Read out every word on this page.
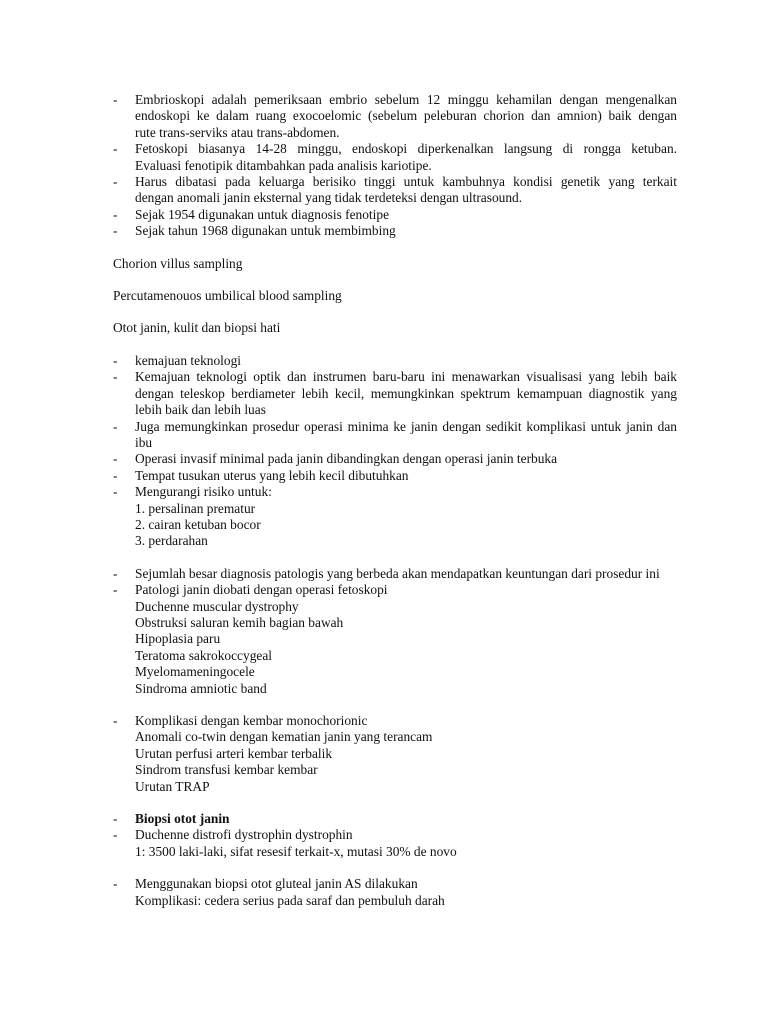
- Embrioskopi adalah pemeriksaan embrio sebelum 12 minggu kehamilan dengan mengenalkan
endoskopi ke dalam ruang exocoelomic (sebelum peleburan chorion dan amnion) baik dengan
rute trans-serviks atau trans-abdomen.
- Fetoskopi biasanya 14-28 minggu, endoskopi diperkenalkan langsung di rongga ketuban.
Evaluasi fenotipik ditambahkan pada analisis kariotipe.
- Harus dibatasi pada keluarga berisiko tinggi untuk kambuhnya kondisi genetik yang terkait
dengan anomali janin eksternal yang tidak terdeteksi dengan ultrasound.
- Sejak 1954 digunakan untuk diagnosis fenotipe
- Sejak tahun 1968 digunakan untuk membimbing

Chorion villus sampling

Percutamenouos umbilical blood sampling

Otot janin, kulit dan biopsi hati

- kemajuan teknologi
- Kemajuan teknologi optik dan instrumen baru-baru ini menawarkan visualisasi yang lebih baik
dengan teleskop berdiameter lebih kecil, memungkinkan spektrum kemampuan diagnostik yang
lebih baik dan lebih luas
- Juga memungkinkan prosedur operasi minima ke janin dengan sedikit komplikasi untuk janin dan
ibu
- Operasi invasif minimal pada janin dibandingkan dengan operasi janin terbuka
- Tempat tusukan uterus yang lebih kecil dibutuhkan
- Mengurangi risiko untuk:
1. persalinan prematur
2. cairan ketuban bocor
3. perdarahan
- Sejumlah besar diagnosis patologis yang berbeda akan mendapatkan keuntungan dari prosedur ini
- Patologi janin diobati dengan operasi fetoskopi
Duchenne muscular dystrophy
Obstruksi saluran kemih bagian bawah
Hipoplasia paru
Teratoma sakrokoccygeal
Myelomameningocele
Sindroma amniotic band
- Komplikasi dengan kembar monochorionic
Anomali co-twin dengan kematian janin yang terancam
Urutan perfusi arteri kembar terbalik
Sindrom transfusi kembar kembar
Urutan TRAP
- Biopsi otot janin
- Duchenne distrofi dystrophin dystrophin
1: 3500 laki-laki, sifat resesif terkait-x, mutasi 30% de novo
- Menggunakan biopsi otot gluteal janin AS dilakukan
Komplikasi: cedera serius pada saraf dan pembuluh darah
